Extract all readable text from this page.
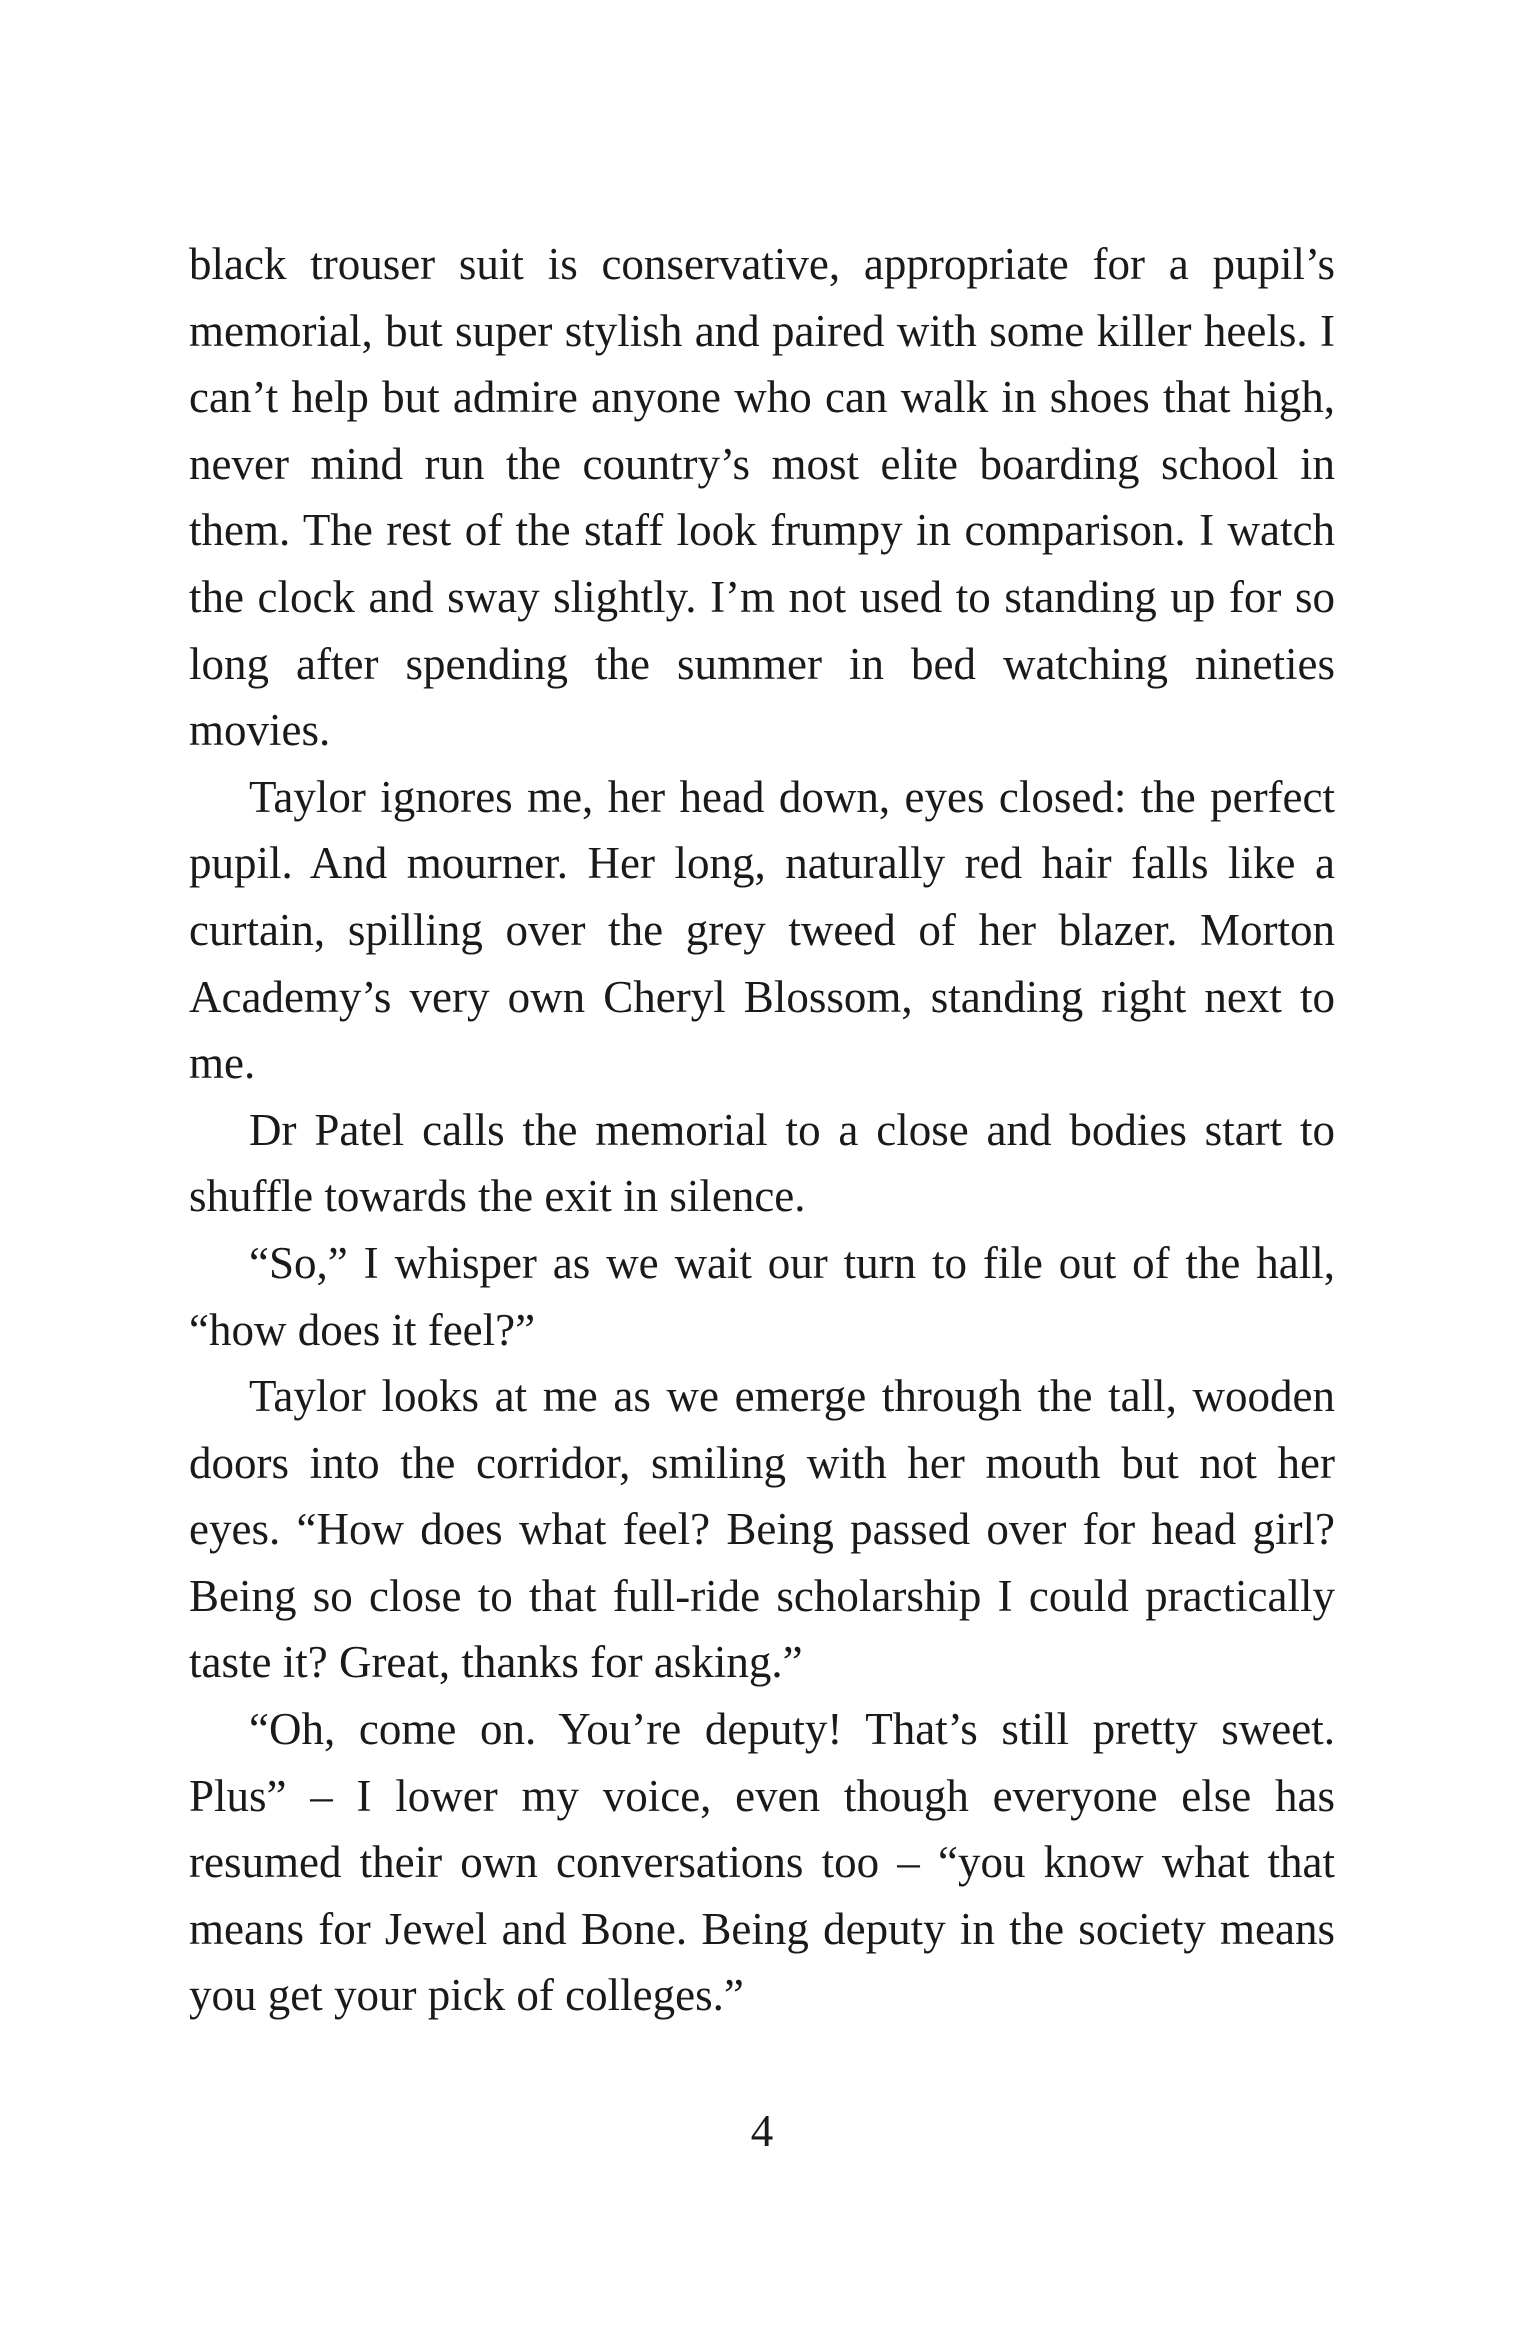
black trouser suit is conservative, appropriate for a pupil’s memorial, but super stylish and paired with some killer heels. I can’t help but admire anyone who can walk in shoes that high, never mind run the country’s most elite boarding school in them. The rest of the staff look frumpy in comparison. I watch the clock and sway slightly. I’m not used to standing up for so long after spending the summer in bed watching nineties movies.

Taylor ignores me, her head down, eyes closed: the perfect pupil. And mourner. Her long, naturally red hair falls like a curtain, spilling over the grey tweed of her blazer. Morton Academy’s very own Cheryl Blossom, standing right next to me.

Dr Patel calls the memorial to a close and bodies start to shuffle towards the exit in silence.

“So,” I whisper as we wait our turn to file out of the hall, “how does it feel?”

Taylor looks at me as we emerge through the tall, wooden doors into the corridor, smiling with her mouth but not her eyes. “How does what feel? Being passed over for head girl? Being so close to that full-ride scholarship I could practically taste it? Great, thanks for asking.”

“Oh, come on. You’re deputy! That’s still pretty sweet. Plus” – I lower my voice, even though everyone else has resumed their own conversations too – “you know what that means for Jewel and Bone. Being deputy in the society means you get your pick of colleges.”

4
